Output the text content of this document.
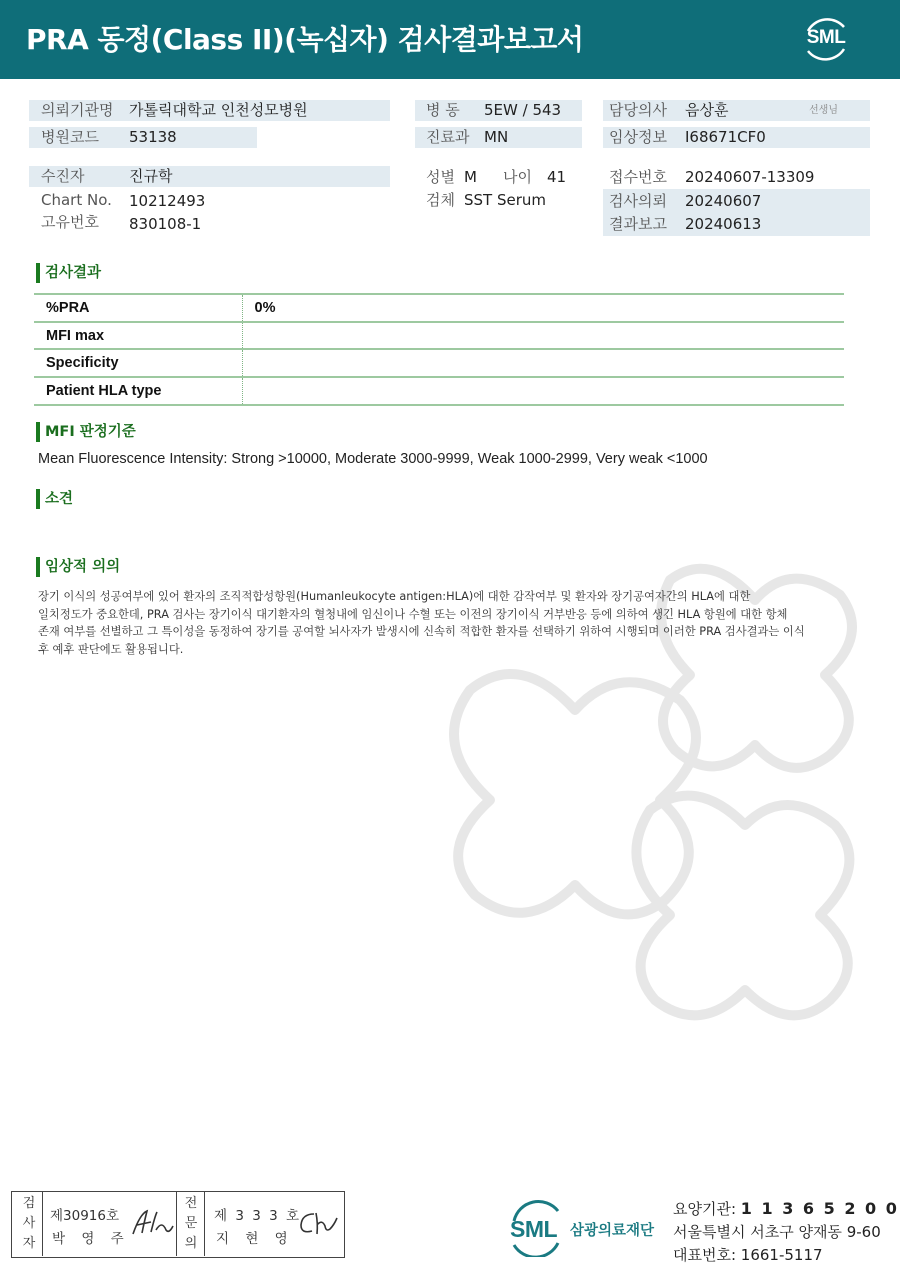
PRA 동정(Class II)(녹십자) 검사결과보고서	SML
의뢰기관명 가톨릭대학교 인천성모병원
병원코드 53138
수진자	진규학
Chart No. 10212493
고유번호 830108-1
병 동 5EW / 543
진료과 MN
성별 M 나이 41
검체 SST Serum
담당의사 음상훈	선생님
임상정보 I68671CF0
접수번호 20240607-13309
검사의뢰 20240607
결과보고 20240613
검사결과
%PRA	0%
MFI max	
Specificity	
Patient HLA type	
MFI 판정기준
Mean Fluorescence Intensity: Strong >10000, Moderate 3000-9999, Weak 1000-2999, Very weak <1000
소견
임상적 의의
장기 이식의 성공여부에 있어 환자의 조직적합성항원(Humanleukocyte antigen:HLA)에 대한 감작여부 및 환자와 장기공여자간의 HLA에 대한
일치정도가 중요한데, PRA 검사는 장기이식 대기환자의 혈청내에 임신이나 수혈 또는 이전의 장기이식 거부반응 등에 의하여 생긴 HLA 항원에 대한 항체
존재 여부를 선별하고 그 특이성을 동정하여 장기를 공여할 뇌사자가 발생시에 신속히 적합한 환자를 선택하기 위하여 시행되며 이러한 PRA 검사결과는 이식
후 예후 판단에도 활용됩니다.
검
사
자
제30916호
박 영 주
전
문
의
제 3 3 3 호
지 현 영	SML 삼광의료재단
요양기관: 1 1 3 6 5 2 0 0
서울특별시 서초구 양재동 9-60
대표번호: 1661-5117
